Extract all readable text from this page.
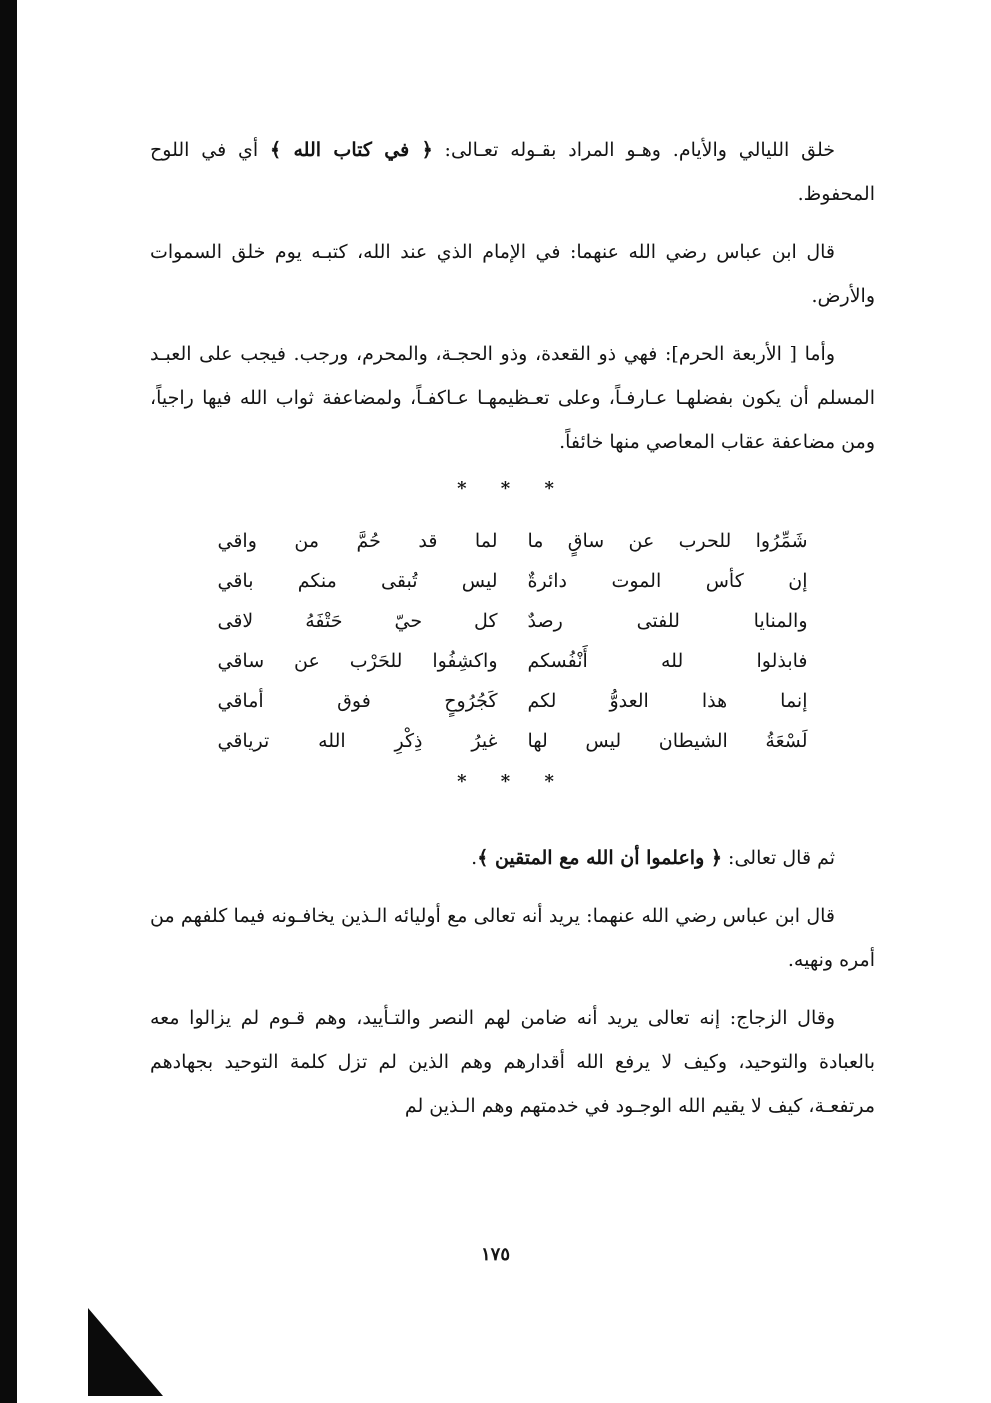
خلق الليالي والأيام. وهـو المراد بقـوله تعـالى: ﴿ في كتاب الله ﴾ أي في اللوح المحفوظ.

قال ابن عباس رضي الله عنهما: في الإمام الذي عند الله، كتبـه يوم خلق السموات والأرض.

وأما [ الأربعة الحرم]: فهي ذو القعدة، وذو الحجـة، والمحرم، ورجب. فيجب على العبـد المسلم أن يكون بفضلهـا عـارفـاً، وعلى تعـظيمهـا عـاكفـاً، ولمضاعفة ثواب الله فيها راجياً، ومن مضاعفة عقاب المعاصي منها خائفاً.

* * *
شَمِّرُوا للحرب عن ساقٍ ما
لما قد حُمَّ من واقي
إن كأس الموت دائرةٌ
ليس تُبقى منكم باقي
والمنايا للفتى رصدٌ
كل حيّ حَتْفَهُ لاقى
فابذلوا لله أَنْفُسكم
واكشِفُوا للحَرْب عن ساقي
إنما هذا العدوُّ لكم
كَجُرُوحٍ فوق أماقي
لَسْعَةُ الشيطان ليس لها
غيرُ ذِكْرِ الله ترياقي
* * *

ثم قال تعالى: ﴿ واعلموا أن الله مع المتقين ﴾.

قال ابن عباس رضي الله عنهما: يريد أنه تعالى مع أوليائه الـذين يخافـونه فيما كلفهم من أمره ونهيه.

وقال الزجاج: إنه تعالى يريد أنه ضامن لهم النصر والتـأييد، وهم قـوم لم يزالوا معه بالعبادة والتوحيد، وكيف لا يرفع الله أقدارهم وهم الذين لم تزل كلمة التوحيد بجهادهم مرتفعـة، كيف لا يقيم الله الوجـود في خدمتهم وهم الـذين لم

١٧٥
